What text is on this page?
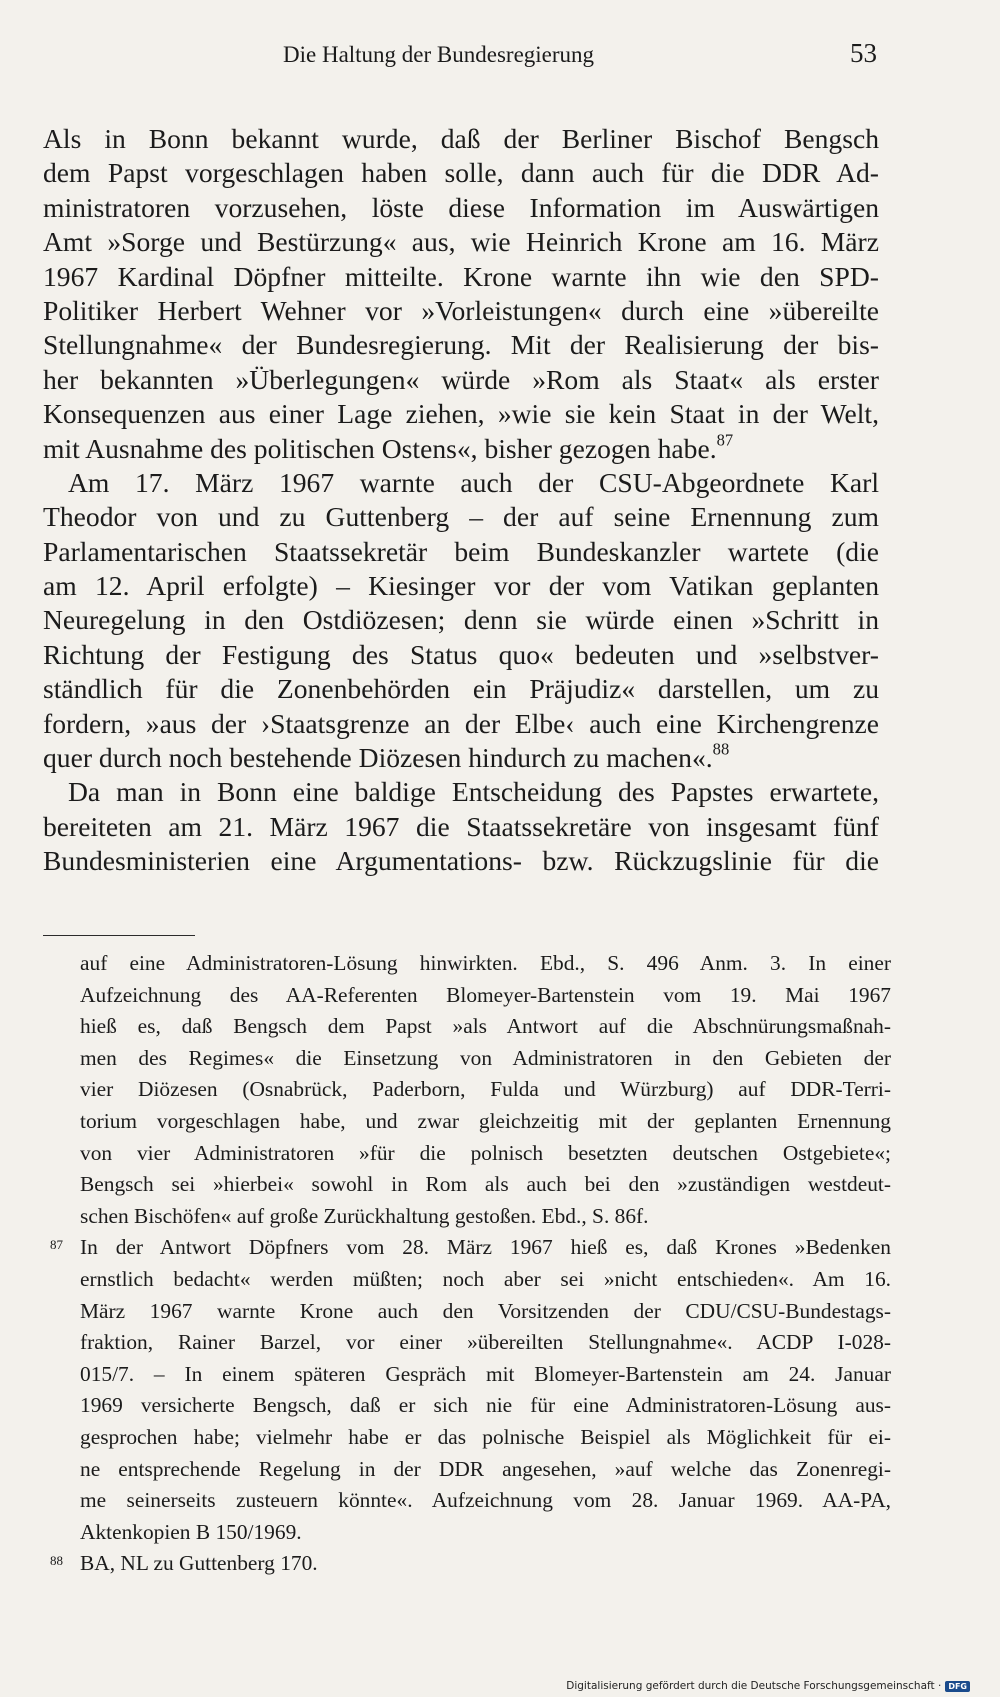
Die Haltung der Bundesregierung	53
Als in Bonn bekannt wurde, daß der Berliner Bischof Bengsch
dem Papst vorgeschlagen haben solle, dann auch für die DDR Ad-
ministratoren vorzusehen, löste diese Information im Auswärtigen
Amt »Sorge und Bestürzung« aus, wie Heinrich Krone am 16. März
1967 Kardinal Döpfner mitteilte. Krone warnte ihn wie den SPD-
Politiker Herbert Wehner vor »Vorleistungen« durch eine »übereilte
Stellungnahme« der Bundesregierung. Mit der Realisierung der bis-
her bekannten »Überlegungen« würde »Rom als Staat« als erster
Konsequenzen aus einer Lage ziehen, »wie sie kein Staat in der Welt,
mit Ausnahme des politischen Ostens«, bisher gezogen habe.$^{87}$
Am 17. März 1967 warnte auch der CSU-Abgeordnete Karl
Theodor von und zu Guttenberg – der auf seine Ernennung zum
Parlamentarischen Staatssekretär beim Bundeskanzler wartete (die
am 12. April erfolgte) – Kiesinger vor der vom Vatikan geplanten
Neuregelung in den Ostdiözesen; denn sie würde einen »Schritt in
Richtung der Festigung des Status quo« bedeuten und »selbstver-
ständlich für die Zonenbehörden ein Präjudiz« darstellen, um zu
fordern, »aus der ›Staatsgrenze an der Elbe‹ auch eine Kirchengrenze
quer durch noch bestehende Diözesen hindurch zu machen«.$^{88}$
Da man in Bonn eine baldige Entscheidung des Papstes erwartete,
bereiteten am 21. März 1967 die Staatssekretäre von insgesamt fünf
Bundesministerien eine Argumentations- bzw. Rückzugslinie für die
auf eine Administratoren-Lösung hinwirkten. Ebd., S. 496 Anm. 3. In einer
Aufzeichnung des AA-Referenten Blomeyer-Bartenstein vom 19. Mai 1967
hieß es, daß Bengsch dem Papst »als Antwort auf die Abschnürungsmaßnah-
men des Regimes« die Einsetzung von Administratoren in den Gebieten der
vier Diözesen (Osnabrück, Paderborn, Fulda und Würzburg) auf DDR-Terri-
torium vorgeschlagen habe, und zwar gleichzeitig mit der geplanten Ernennung
von vier Administratoren »für die polnisch besetzten deutschen Ostgebiete«;
Bengsch sei »hierbei« sowohl in Rom als auch bei den »zuständigen westdeut-
schen Bischöfen« auf große Zurückhaltung gestoßen. Ebd., S. 86f.
87 In der Antwort Döpfners vom 28. März 1967 hieß es, daß Krones »Bedenken
ernstlich bedacht« werden müßten; noch aber sei »nicht entschieden«. Am 16.
März 1967 warnte Krone auch den Vorsitzenden der CDU/CSU-Bundestags-
fraktion, Rainer Barzel, vor einer »übereilten Stellungnahme«. ACDP I-028-
015/7. – In einem späteren Gespräch mit Blomeyer-Bartenstein am 24. Januar
1969 versicherte Bengsch, daß er sich nie für eine Administratoren-Lösung aus-
gesprochen habe; vielmehr habe er das polnische Beispiel als Möglichkeit für ei-
ne entsprechende Regelung in der DDR angesehen, »auf welche das Zonenregi-
me seinerseits zusteuern könnte«. Aufzeichnung vom 28. Januar 1969. AA-PA,
Aktenkopien B 150/1969.
88 BA, NL zu Guttenberg 170.
Digitalisierung gefördert durch die Deutsche Forschungsgemeinschaft · DFG
